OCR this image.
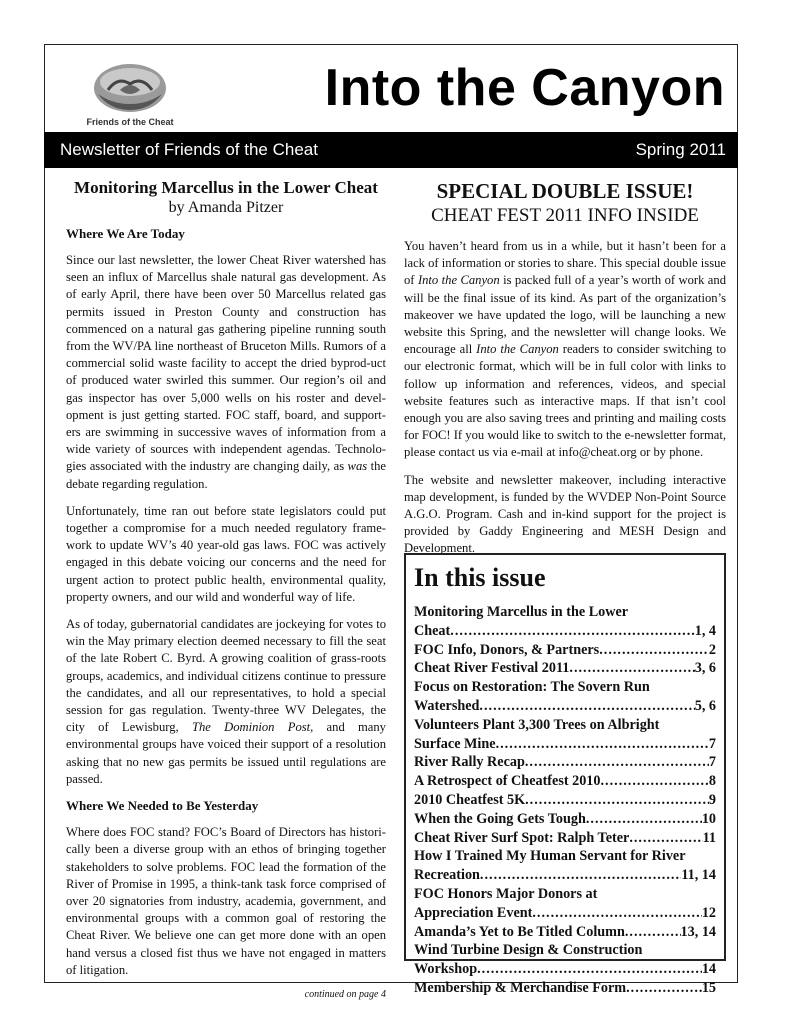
Friends of the Cheat
Into the Canyon
Newsletter of Friends of the Cheat	Spring 2011
Monitoring Marcellus in the Lower Cheat
by Amanda Pitzer
Where We Are Today

Since our last newsletter, the lower Cheat River watershed has seen an influx of Marcellus shale natural gas development. As of early April, there have been over 50 Marcellus related gas permits issued in Preston County and construction has commenced on a natural gas gathering pipeline running south from the WV/PA line northeast of Bruceton Mills. Rumors of a commercial solid waste facility to accept the dried byprod-uct of produced water swirled this summer. Our region’s oil and gas inspector has over 5,000 wells on his roster and devel-opment is just getting started. FOC staff, board, and support-ers are swimming in successive waves of information from a wide variety of sources with independent agendas. Technolo-gies associated with the industry are changing daily, as was the debate regarding regulation.

Unfortunately, time ran out before state legislators could put together a compromise for a much needed regulatory frame-work to update WV’s 40 year-old gas laws. FOC was actively engaged in this debate voicing our concerns and the need for urgent action to protect public health, environmental quality, property owners, and our wild and wonderful way of life.

As of today, gubernatorial candidates are jockeying for votes to win the May primary election deemed necessary to fill the seat of the late Robert C. Byrd. A growing coalition of grass-roots groups, academics, and individual citizens continue to pressure the candidates, and all our representatives, to hold a special session for gas regulation. Twenty-three WV Delegates, the city of Lewisburg, The Dominion Post, and many environmental groups have voiced their support of a resolution asking that no new gas permits be issued until regulations are passed.

Where We Needed to Be Yesterday

Where does FOC stand? FOC’s Board of Directors has histori-cally been a diverse group with an ethos of bringing together stakeholders to solve problems. FOC lead the formation of the River of Promise in 1995, a think-tank task force comprised of over 20 signatories from industry, academia, government, and environmental groups with a common goal of restoring the Cheat River. We believe one can get more done with an open hand versus a closed fist thus we have not engaged in matters of litigation.

continued on page 4
SPECIAL DOUBLE ISSUE!
CHEAT FEST 2011 INFO INSIDE

You haven’t heard from us in a while, but it hasn’t been for a lack of information or stories to share. This special double issue of Into the Canyon is packed full of a year’s worth of work and will be the final issue of its kind. As part of the organization’s makeover we have updated the logo, will be launching a new website this Spring, and the newsletter will change looks. We encourage all Into the Canyon readers to consider switching to our electronic format, which will be in full color with links to follow up information and references, videos, and special website features such as interactive maps. If that isn’t cool enough you are also saving trees and printing and mailing costs for FOC! If you would like to switch to the e-newsletter format, please contact us via e-mail at info@cheat.org or by phone.

The website and newsletter makeover, including interactive map development, is funded by the WVDEP Non-Point Source A.G.O. Program. Cash and in-kind support for the project is provided by Gaddy Engineering and MESH Design and Development.

In this issue
Monitoring Marcellus in the Lower
Cheat .....	1, 4
FOC Info, Donors, & Partners .....	2
Cheat River Festival 2011 .....	3, 6
Focus on Restoration: The Sovern Run
Watershed .....	5, 6
Volunteers Plant 3,300 Trees on Albright
Surface Mine .....	7
River Rally Recap .....	7
A Retrospect of Cheatfest 2010 .....	8
2010 Cheatfest 5K .....	9
When the Going Gets Tough .....	10
Cheat River Surf Spot: Ralph Teter .....	11
How I Trained My Human Servant for River
Recreation .....	11, 14
FOC Honors Major Donors at
Appreciation Event .....	12
Amanda’s Yet to Be Titled Column .....	13, 14
Wind Turbine Design & Construction
Workshop .....	14
Membership & Merchandise Form .....	15
